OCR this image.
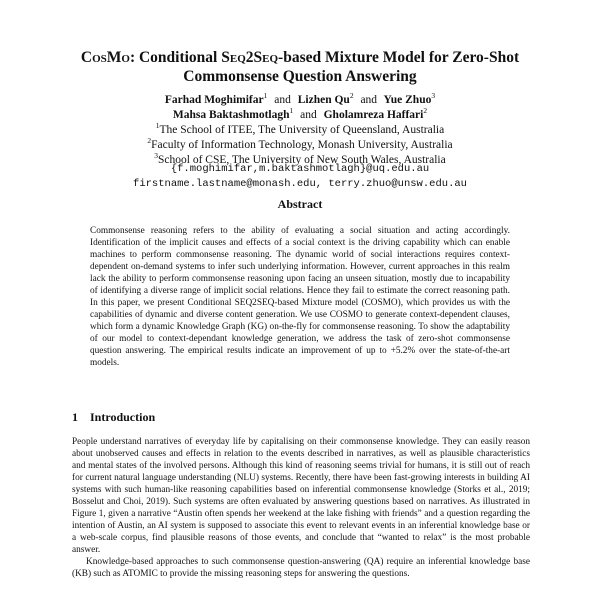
CosMo: Conditional Seq2Seq-based Mixture Model for Zero-Shot
Commonsense Question Answering
Farhad Moghimifar$^1$ and Lizhen Qu$^2$ and Yue Zhuo$^3$
Mahsa Baktashmotlagh$^1$ and Gholamreza Haffari$^2$
$^1$The School of ITEE, The University of Queensland, Australia
$^2$Faculty of Information Technology, Monash University, Australia
$^3$School of CSE, The University of New South Wales, Australia
{f.moghimifar,m.baktashmotlagh}@uq.edu.au
firstname.lastname@monash.edu, terry.zhuo@unsw.edu.au
Abstract
Commonsense reasoning refers to the ability of evaluating a social situation and acting accordingly. Identification of the implicit causes and effects of a social context is the driving capability which can enable machines to perform commonsense reasoning. The dynamic world of social interactions requires context-dependent on-demand systems to infer such underlying information. However, current approaches in this realm lack the ability to perform commonsense reasoning upon facing an unseen situation, mostly due to incapability of identifying a diverse range of implicit social relations. Hence they fail to estimate the correct reasoning path. In this paper, we present Conditional SEQ2SEQ-based Mixture model (COSMO), which provides us with the capabilities of dynamic and diverse content generation. We use COSMO to generate context-dependent clauses, which form a dynamic Knowledge Graph (KG) on-the-fly for commonsense reasoning. To show the adaptability of our model to context-dependant knowledge generation, we address the task of zero-shot commonsense question answering. The empirical results indicate an improvement of up to +5.2% over the state-of-the-art models.
1 Introduction

People understand narratives of everyday life by capitalising on their commonsense knowledge. They can easily reason about unobserved causes and effects in relation to the events described in narratives, as well as plausible characteristics and mental states of the involved persons. Although this kind of reasoning seems trivial for humans, it is still out of reach for current natural language understanding (NLU) systems. Recently, there have been fast-growing interests in building AI systems with such human-like reasoning capabilities based on inferential commonsense knowledge (Storks et al., 2019; Bosselut and Choi, 2019). Such systems are often evaluated by answering questions based on narratives. As illustrated in Figure 1, given a narrative “Austin often spends her weekend at the lake fishing with friends” and a question regarding the intention of Austin, an AI system is supposed to associate this event to relevant events in an inferential knowledge base or a web-scale corpus, find plausible reasons of those events, and conclude that “wanted to relax” is the most probable answer.

Knowledge-based approaches to such commonsense question-answering (QA) require an inferential knowledge base (KB) such as ATOMIC to provide the missing reasoning steps for answering the questions.
